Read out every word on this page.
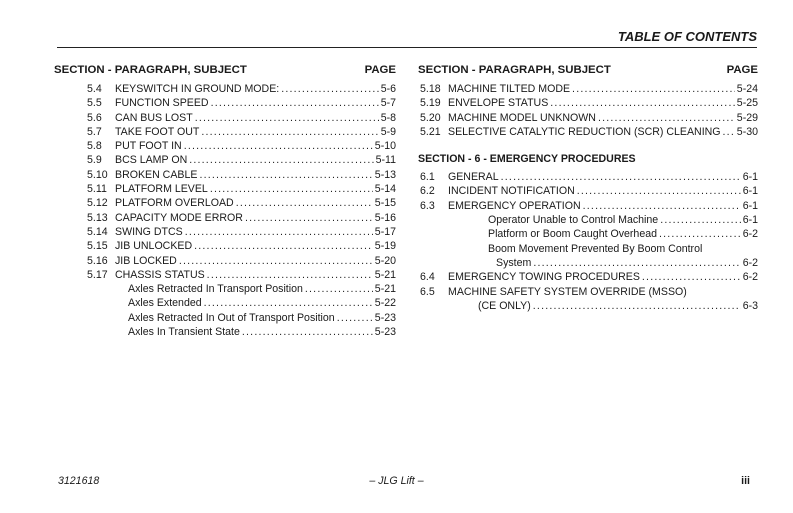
TABLE OF CONTENTS
SECTION - PARAGRAPH, SUBJECT	PAGE
5.4	KEYSWITCH IN GROUND MODE: .....	5-6
5.5	FUNCTION SPEED .....	5-7
5.6	CAN BUS LOST .....	5-8
5.7	TAKE FOOT OUT .....	5-9
5.8	PUT FOOT IN .....	5-10
5.9	BCS LAMP ON .....	5-11
5.10 BROKEN CABLE .....	5-13
5.11 PLATFORM LEVEL .....	5-14
5.12 PLATFORM OVERLOAD .....	5-15
5.13 CAPACITY MODE ERROR .....	5-16
5.14 SWING DTCS .....	5-17
5.15 JIB UNLOCKED .....	5-19
5.16 JIB LOCKED .....	5-20
5.17 CHASSIS STATUS .....	5-21
Axles Retracted In Transport Position .....	5-21
Axles Extended .....	5-22
Axles Retracted In Out of Transport Position .....	5-23
Axles In Transient State .....	5-23
SECTION - PARAGRAPH, SUBJECT	PAGE
5.18 MACHINE TILTED MODE .....	5-24
5.19 ENVELOPE STATUS .....	5-25
5.20 MACHINE MODEL UNKNOWN .....	5-29
5.21 SELECTIVE CATALYTIC REDUCTION (SCR) CLEANING ..... 5-30
SECTION - 6 - EMERGENCY PROCEDURES
6.1	GENERAL .....	6-1
6.2	INCIDENT NOTIFICATION .....	6-1
6.3	EMERGENCY OPERATION .....	6-1
Operator Unable to Control Machine .....	6-1
Platform or Boom Caught Overhead .....	6-2
Boom Movement Prevented By Boom Control
System .....	6-2
6.4	EMERGENCY TOWING PROCEDURES .....	6-2
6.5	MACHINE SAFETY SYSTEM OVERRIDE (MSSO)
(CE ONLY) .....	6-3
3121618	– JLG Lift –	iii
